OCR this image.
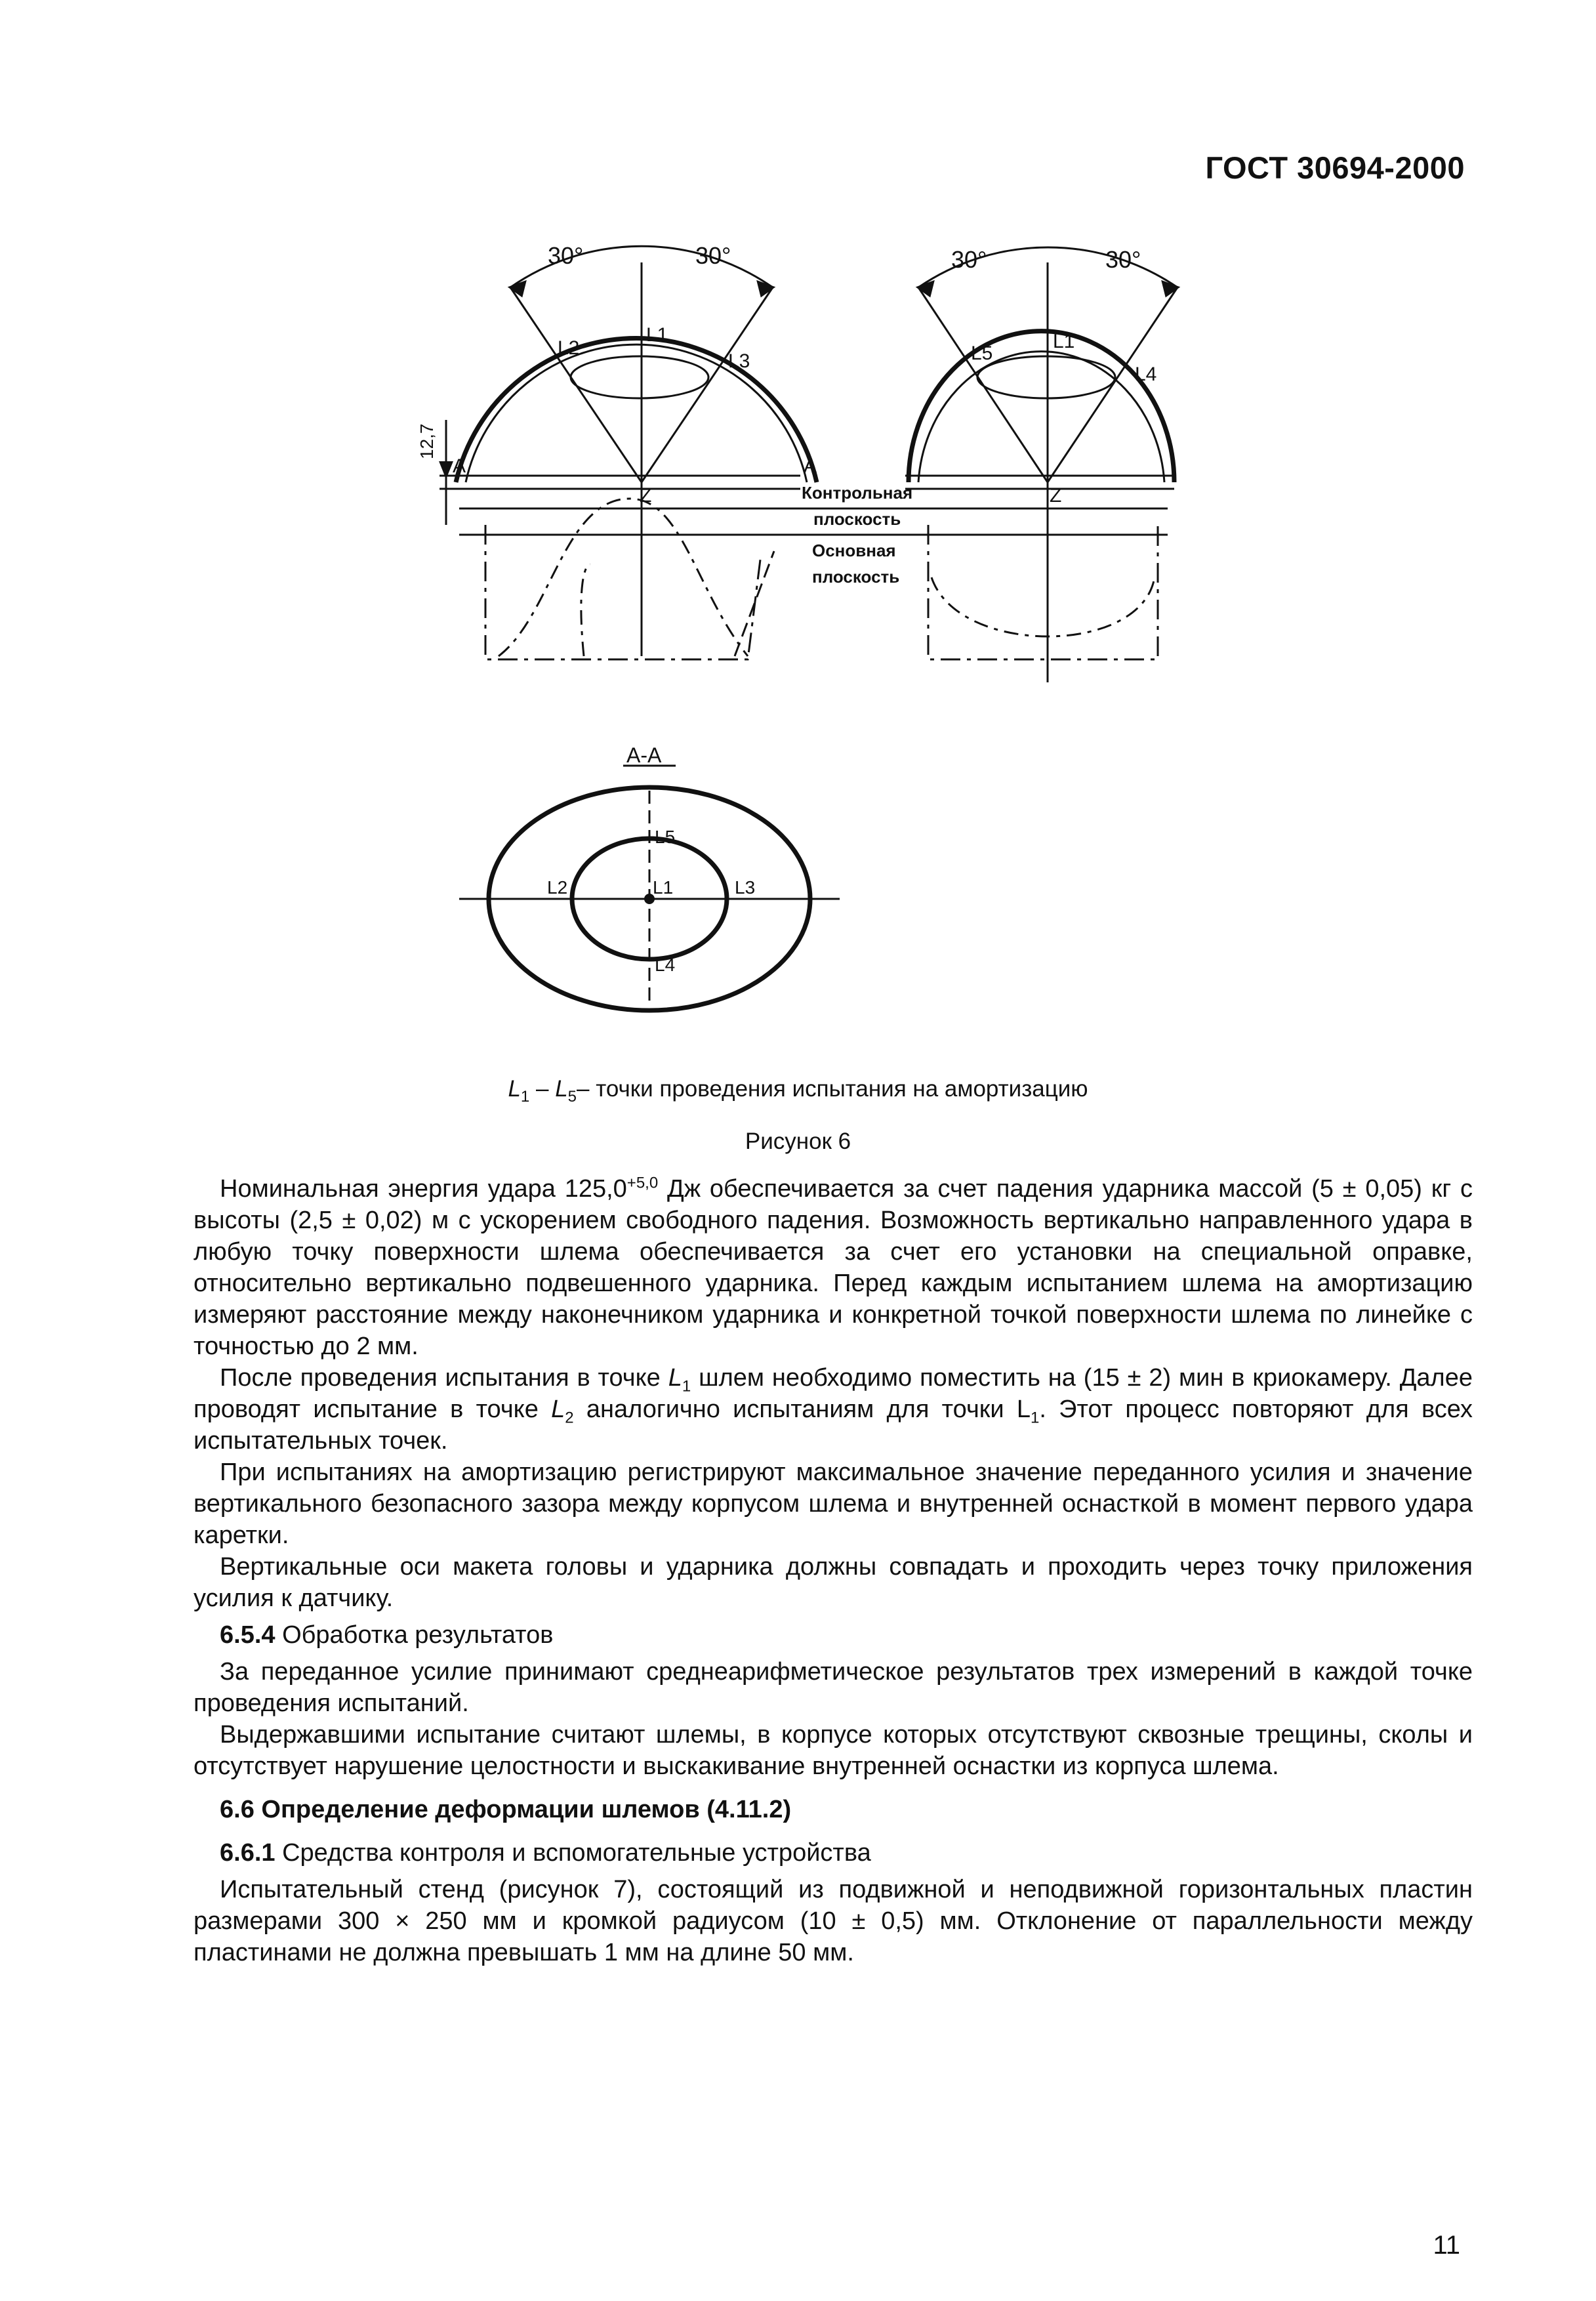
ГОСТ 30694-2000
30°	30°	30°	30°
L2
L1
L3	L5
L1
L4
A	A
Z	Z
12,7
Контрольная
плоскость
Основная
плоскость
А-А
L5
L2	L1	L3
L4
$L_1 - L_5-$ точки проведения испытания на амортизацию
Рисунок 6

Номинальная энергия удара $125,0^{+5,0}$ Дж обеспечивается за счет падения ударника массой (5 ± 0,05) кг с высоты (2,5 ± 0,02) м с ускорением свободного падения. Возможность вертикально направленного удара в любую точку поверхности шлема обеспечивается за счет его установки на специальной оправке, относительно вертикально подвешенного ударника. Перед каждым испытанием шлема на амортизацию измеряют расстояние между наконечником ударника и конкретной точкой поверхности шлема по линейке с точностью до 2 мм.

После проведения испытания в точке $L_1$ шлем необходимо поместить на (15 ± 2) мин в криокамеру. Далее проводят испытание в точке $L_2$ аналогично испытаниям для точки $L_1$. Этот процесс повторяют для всех испытательных точек.

При испытаниях на амортизацию регистрируют максимальное значение переданного усилия и значение вертикального безопасного зазора между корпусом шлема и внутренней оснасткой в момент первого удара каретки.

Вертикальные оси макета головы и ударника должны совпадать и проходить через точку приложения усилия к датчику.

6.5.4 Обработка результатов

За переданное усилие принимают среднеарифметическое результатов трех измерений в каждой точке проведения испытаний.

Выдержавшими испытание считают шлемы, в корпусе которых отсутствуют сквозные трещины, сколы и отсутствует нарушение целостности и выскакивание внутренней оснастки из корпуса шлема.

6.6 Определение деформации шлемов (4.11.2)

6.6.1 Средства контроля и вспомогательные устройства

Испытательный стенд (рисунок 7), состоящий из подвижной и неподвижной горизонтальных пластин размерами 300 × 250 мм и кромкой радиусом (10 ± 0,5) мм. Отклонение от параллельности между пластинами не должна превышать 1 мм на длине 50 мм.

11
